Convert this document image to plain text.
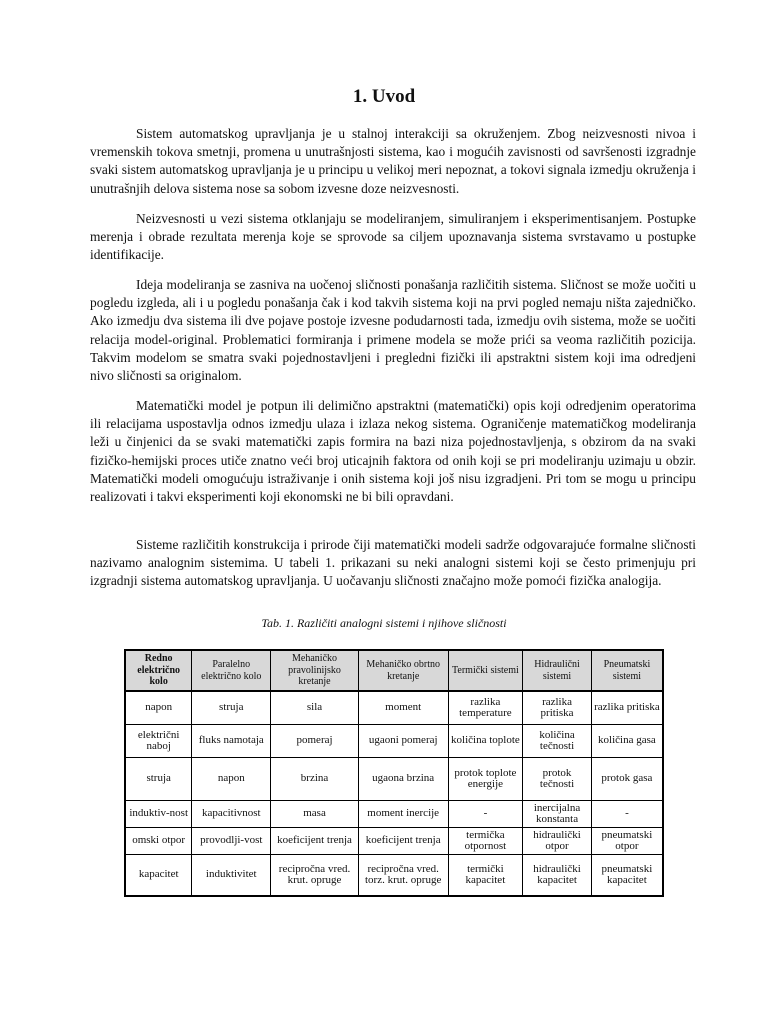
1. Uvod

Sistem automatskog upravljanja je u stalnoj interakciji sa okruženjem. Zbog neizvesnosti nivoa i vremenskih tokova smetnji, promena u unutrašnjosti sistema, kao i mogućih zavisnosti od savršenosti izgradnje svaki sistem automatskog upravljanja je u principu u velikoj meri nepoznat, a tokovi signala izmedju okruženja i unutrašnjih delova sistema nose sa sobom izvesne doze neizvesnosti.

Neizvesnosti u vezi sistema otklanjaju se modeliranjem, simuliranjem i eksperimentisanjem. Postupke merenja i obrade rezultata merenja koje se sprovode sa ciljem upoznavanja sistema svrstavamo u postupke identifikacije.

Ideja modeliranja se zasniva na uočenoj sličnosti ponašanja različitih sistema. Sličnost se može uočiti u pogledu izgleda, ali i u pogledu ponašanja čak i kod takvih sistema koji na prvi pogled nemaju ništa zajedničko. Ako izmedju dva sistema ili dve pojave postoje izvesne podudarnosti tada, izmedju ovih sistema, može se uočiti relacija model-original. Problematici formiranja i primene modela se može prići sa veoma različitih pozicija. Takvim modelom se smatra svaki pojednostavljeni i pregledni fizički ili apstraktni sistem koji ima odredjeni nivo sličnosti sa originalom.

Matematički model je potpun ili delimično apstraktni (matematički) opis koji odredjenim operatorima ili relacijama uspostavlja odnos izmedju ulaza i izlaza nekog sistema. Ograničenje matematičkog modeliranja leži u činjenici da se svaki matematički zapis formira na bazi niza pojednostavljenja, s obzirom da na svaki fizičko-hemijski proces utiče znatno veći broj uticajnih faktora od onih koji se pri modeliranju uzimaju u obzir. Matematički modeli omogućuju istraživanje i onih sistema koji još nisu izgradjeni. Pri tom se mogu u principu realizovati i takvi eksperimenti koji ekonomski ne bi bili opravdani.

Sisteme različitih konstrukcija i prirode čiji matematički modeli sadrže odgovarajuće formalne sličnosti nazivamo analognim sistemima. U tabeli 1. prikazani su neki analogni sistemi koji se često primenjuju pri izgradnji sistema automatskog upravljanja. U uočavanju sličnosti značajno može pomoći fizička analogija.

Tab. 1. Različiti analogni sistemi i njihove sličnosti

Redno električno kolo	Paralelno električno kolo	Mehaničko pravolinijsko kretanje	Mehaničko obrtno kretanje	Termički sistemi	Hidraulični sistemi	Pneumatski sistemi
napon	struja	sila	moment	razlika temperature	razlika pritiska	razlika pritiska
električni naboj	fluks namotaja	pomeraj	ugaoni pomeraj	količina toplote	količina tečnosti	količina gasa
struja	napon	brzina	ugaona brzina	protok toplote energije	protok tečnosti	protok gasa
induktiv-nost	kapacitivnost	masa	moment inercije	-	inercijalna konstanta	-
omski otpor	provodlji-vost	koeficijent trenja	koeficijent trenja	termička otpornost	hidraulički otpor	pneumatski otpor
kapacitet	induktivitet	recipročna vred. krut. opruge	recipročna vred. torz. krut. opruge	termički kapacitet	hidraulički kapacitet	pneumatski kapacitet
